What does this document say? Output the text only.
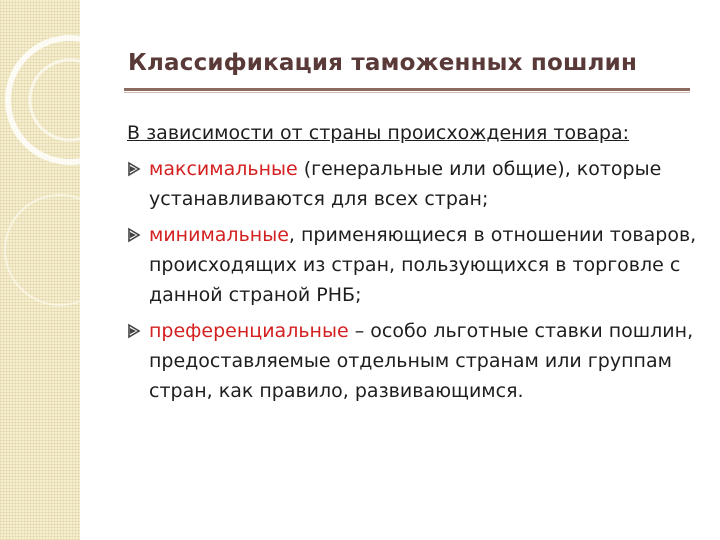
Классификация таможенных пошлин

В зависимости от страны происхождения товара:

максимальные (генеральные или общие), которые устанавливаются для всех стран;
минимальные, применяющиеся в отношении товаров, происходящих из стран, пользующихся в торговле с данной страной РНБ;
преференциальные – особо льготные ставки пошлин, предоставляемые отдельным странам или группам стран, как правило, развивающимся.
